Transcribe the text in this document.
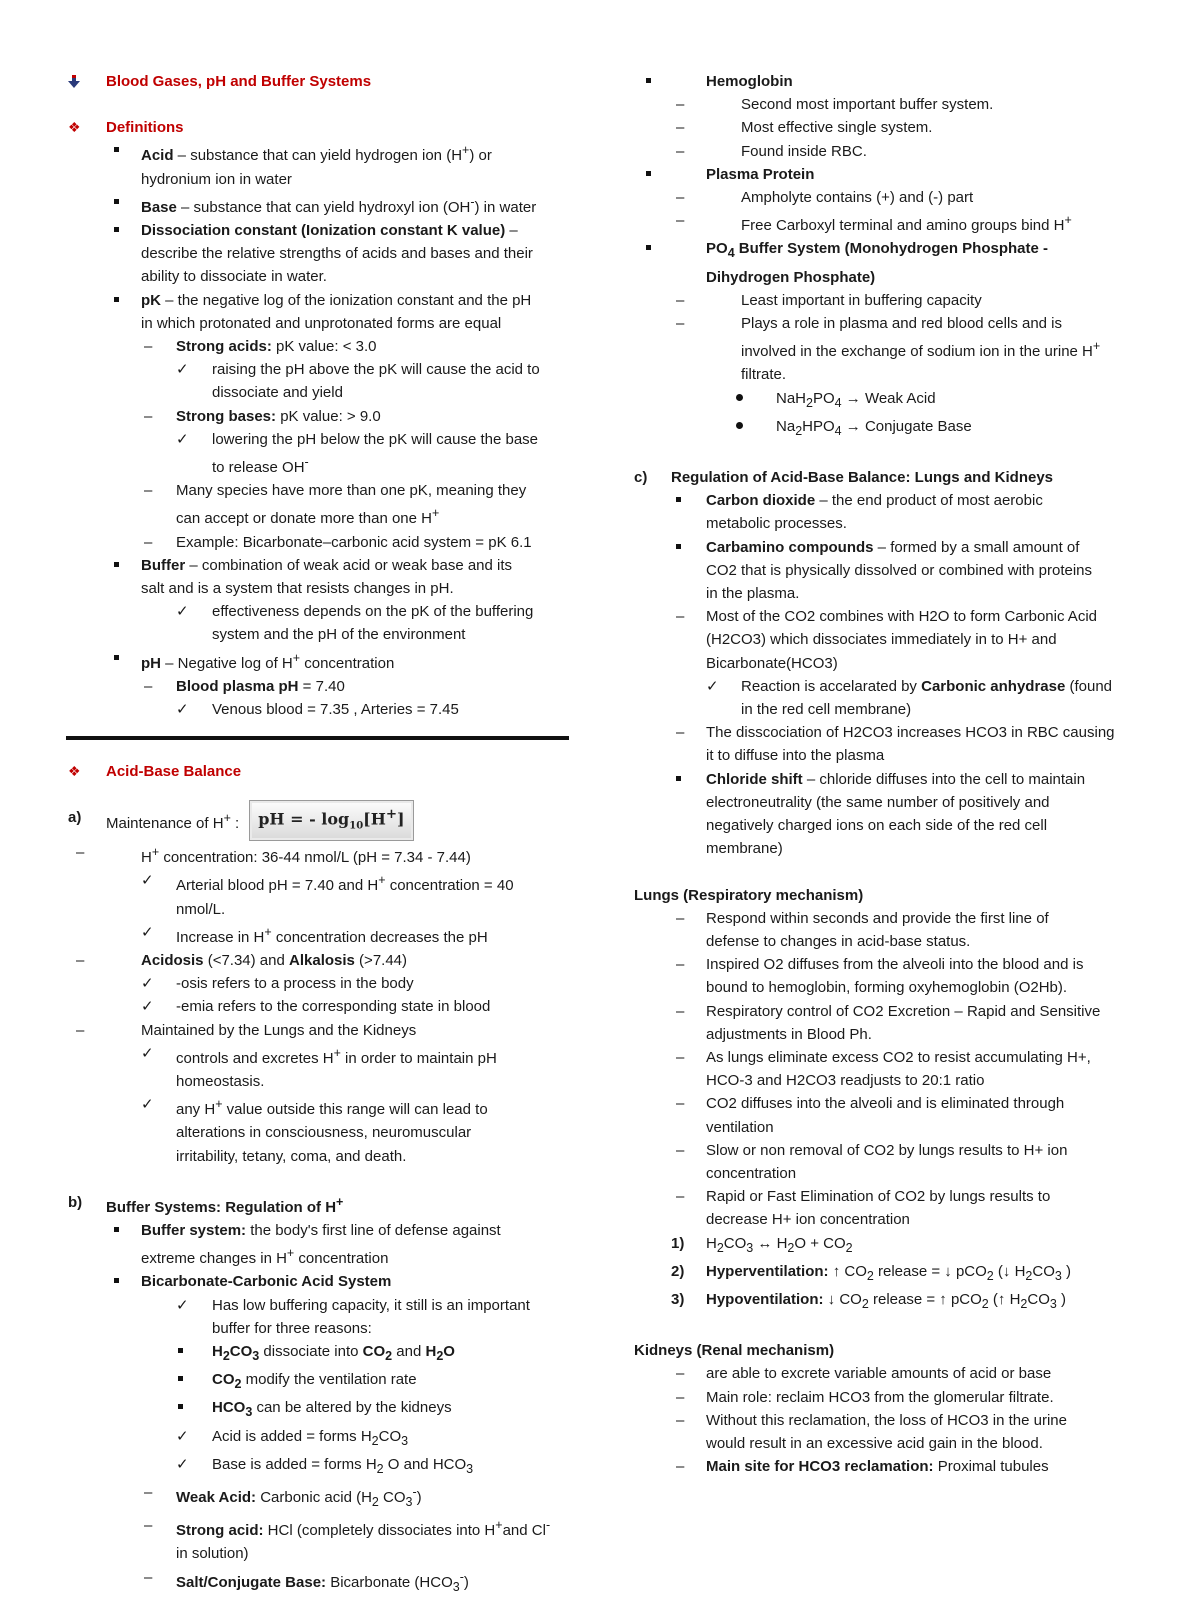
Blood Gases, pH and Buffer Systems
❖ Definitions
Acid – substance that can yield hydrogen ion (H+) or
hydronium ion in water
Base – substance that can yield hydroxyl ion (OH-) in water
Dissociation constant (Ionization constant K value) –
describe the relative strengths of acids and bases and their
ability to dissociate in water.
pK – the negative log of the ionization constant and the pH
in which protonated and unprotonated forms are equal
– Strong acids: pK value: < 3.0
✓ raising the pH above the pK will cause the acid to
dissociate and yield
– Strong bases: pK value: > 9.0
✓ lowering the pH below the pK will cause the base
to release OH-
– Many species have more than one pK, meaning they
can accept or donate more than one H+
– Example: Bicarbonate–carbonic acid system = pK 6.1
Buffer – combination of weak acid or weak base and its
salt and is a system that resists changes in pH.
✓ effectiveness depends on the pK of the buffering
system and the pH of the environment
pH – Negative log of H+ concentration
– Blood plasma pH = 7.40
✓ Venous blood = 7.35 , Arteries = 7.45
❖ Acid-Base Balance
a) Maintenance of H+ : pH = - $\log_{10}[H^+]$
–	H+ concentration: 36-44 nmol/L (pH = 7.34 - 7.44)
✓ Arterial blood pH = 7.40 and H+ concentration = 40
nmol/L.
✓ Increase in H+ concentration decreases the pH
–	Acidosis (<7.34) and Alkalosis (>7.44)
✓ -osis refers to a process in the body
✓ -emia refers to the corresponding state in blood
–	Maintained by the Lungs and the Kidneys
✓ controls and excretes H+ in order to maintain pH
homeostasis.
✓ any H+ value outside this range will can lead to
alterations in consciousness, neuromuscular
irritability, tetany, coma, and death.
b) Buffer Systems: Regulation of H+
Buffer system: the body's first line of defense against
extreme changes in H+ concentration
Bicarbonate-Carbonic Acid System
✓ Has low buffering capacity, it still is an important
buffer for three reasons:
$H_2CO_3$ dissociate into $CO_2$ and $H_2O$
$CO_2$ modify the ventilation rate
$HCO_3$ can be altered by the kidneys
✓ Acid is added = forms $H_2CO_3$
✓ Base is added = forms $H_2$ O and $HCO_3$
– Weak Acid: Carbonic acid ($H_2$ $CO_3^-$)
– Strong acid: HCl (completely dissociates into H+and Cl-
in solution)
– Salt/Conjugate Base: Bicarbonate $(HCO_3^-)$
Hemoglobin
–	Second most important buffer system.
–	Most effective single system.
–	Found inside RBC.
Plasma Protein
–	Ampholyte contains (+) and (-) part
–	Free Carboxyl terminal and amino groups bind H+
$PO_4$ Buffer System (Monohydrogen Phosphate -
Dihydrogen Phosphate)
–	Least important in buffering capacity
–	Plays a role in plasma and red blood cells and is
involved in the exchange of sodium ion in the urine H+
filtrate.
$NaH_2PO_4$ → Weak Acid
$Na_2HPO_4$ → Conjugate Base
c) Regulation of Acid-Base Balance: Lungs and Kidneys
Carbon dioxide – the end product of most aerobic
metabolic processes.
Carbamino compounds – formed by a small amount of
CO2 that is physically dissolved or combined with proteins
in the plasma.
– Most of the CO2 combines with H2O to form Carbonic Acid
(H2CO3) which dissociates immediately in to H+ and
Bicarbonate(HCO3)
✓ Reaction is accelarated by Carbonic anhydrase (found
in the red cell membrane)
– The disscociation of H2CO3 increases HCO3 in RBC causing
it to diffuse into the plasma
Chloride shift – chloride diffuses into the cell to maintain
electroneutrality (the same number of positively and
negatively charged ions on each side of the red cell
membrane)
Lungs (Respiratory mechanism)
– Respond within seconds and provide the first line of
defense to changes in acid-base status.
– Inspired O2 diffuses from the alveoli into the blood and is
bound to hemoglobin, forming oxyhemoglobin (O2Hb).
– Respiratory control of CO2 Excretion – Rapid and Sensitive
adjustments in Blood Ph.
– As lungs eliminate excess CO2 to resist accumulating H+,
HCO-3 and H2CO3 readjusts to 20:1 ratio
– CO2 diffuses into the alveoli and is eliminated through
ventilation
– Slow or non removal of CO2 by lungs results to H+ ion
concentration
– Rapid or Fast Elimination of CO2 by lungs results to
decrease H+ ion concentration
1) $H_2CO_3$ ↔ $H_2O + CO_2$
2) Hyperventilation: ↑ $CO_2$ release = ↓ pCO$_2$ (↓ $H_2CO_3$ )
3) Hypoventilation: ↓ $CO_2$ release = ↑ pCO$_2$ (↑ $H_2CO_3$ )
Kidneys (Renal mechanism)
– are able to excrete variable amounts of acid or base
– Main role: reclaim HCO3 from the glomerular filtrate.
– Without this reclamation, the loss of HCO3 in the urine
would result in an excessive acid gain in the blood.
– Main site for HCO3 reclamation: Proximal tubules
